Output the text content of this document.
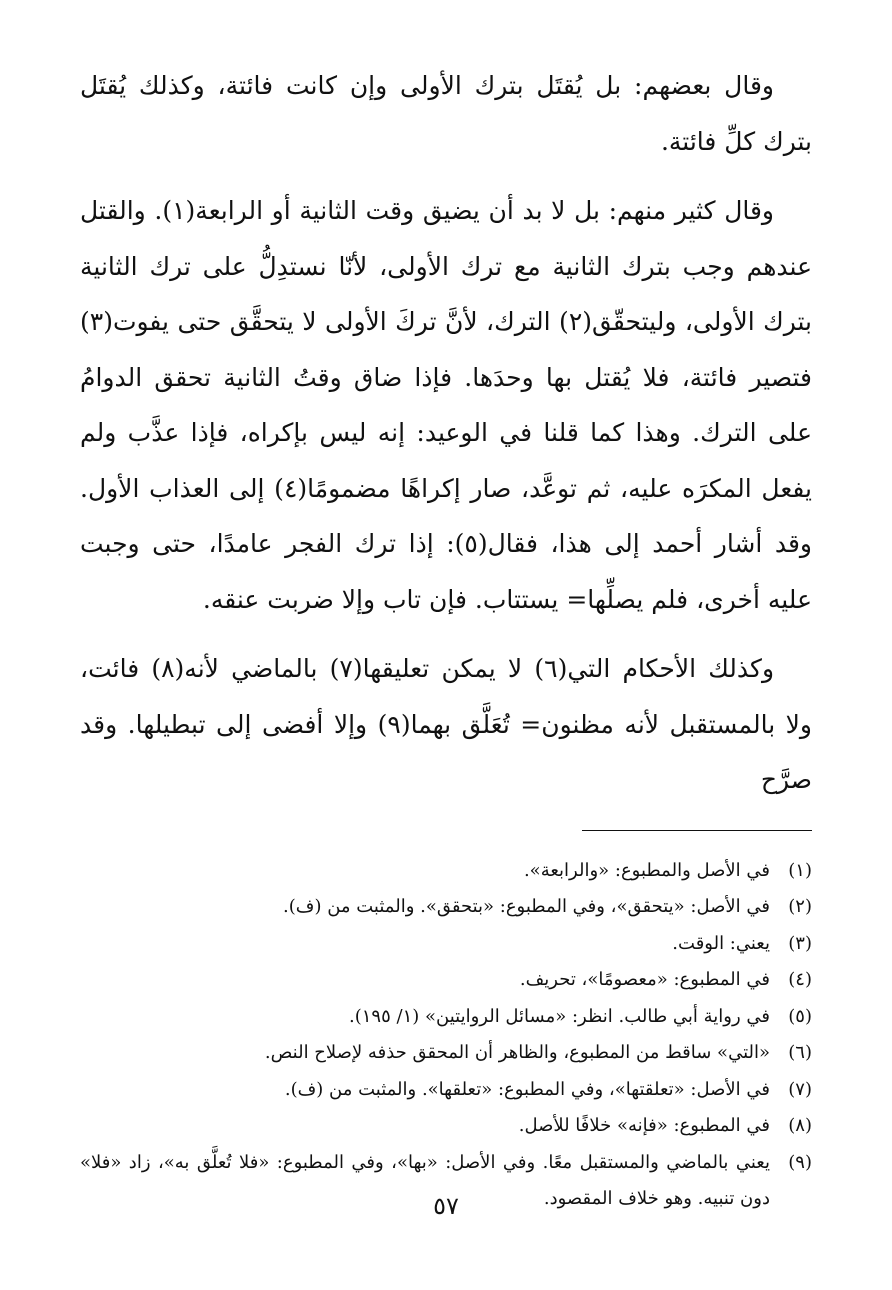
وقال بعضهم: بل يُقتَل بترك الأولى وإن كانت فائتة، وكذلك يُقتَل بترك كلِّ فائتة.

وقال كثير منهم: بل لا بد أن يضيق وقت الثانية أو الرابعة(١). والقتل عندهم وجب بترك الثانية مع ترك الأولى، لأنّا نستدِلُّ على ترك الثانية بترك الأولى، وليتحقّق(٢) الترك، لأنَّ تركَ الأولى لا يتحقَّق حتى يفوت(٣) فتصير فائتة، فلا يُقتل بها وحدَها. فإذا ضاق وقتُ الثانية تحقق الدوامُ على الترك. وهذا كما قلنا في الوعيد: إنه ليس بإكراه، فإذا عذَّب ولم يفعل المكرَه عليه، ثم توعَّد، صار إكراهًا مضمومًا(٤) إلى العذاب الأول. وقد أشار أحمد إلى هذا، فقال(٥): إذا ترك الفجر عامدًا، حتى وجبت عليه أخرى، فلم يصلِّها= يستتاب. فإن تاب وإلا ضربت عنقه.

وكذلك الأحكام التي(٦) لا يمكن تعليقها(٧) بالماضي لأنه(٨) فائت، ولا بالمستقبل لأنه مظنون= تُعَلَّق بهما(٩) وإلا أفضى إلى تبطيلها. وقد صرَّح

(١)
في الأصل والمطبوع: «والرابعة».
(٢)
في الأصل: «يتحقق»، وفي المطبوع: «بتحقق». والمثبت من (ف).
(٣)
يعني: الوقت.
(٤)
في المطبوع: «معصومًا»، تحريف.
(٥)
في رواية أبي طالب. انظر: «مسائل الروايتين» (١/ ١٩٥).
(٦)
«التي» ساقط من المطبوع، والظاهر أن المحقق حذفه لإصلاح النص.
(٧)
في الأصل: «تعلقتها»، وفي المطبوع: «تعلقها». والمثبت من (ف).
(٨)
في المطبوع: «فإنه» خلافًا للأصل.
(٩)
يعني بالماضي والمستقبل معًا. وفي الأصل: «بها»، وفي المطبوع: «فلا تُعلَّق به»، زاد «فلا» دون تنبيه. وهو خلاف المقصود.
٥٧
